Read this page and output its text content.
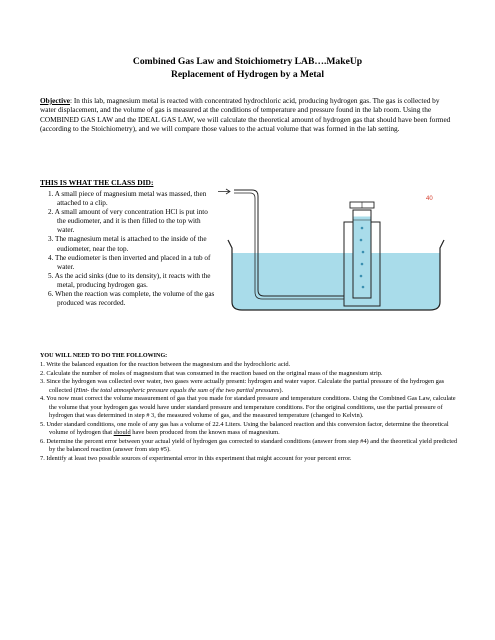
Combined Gas Law and Stoichiometry LAB….MakeUp
Replacement of Hydrogen by a Metal
Objective: In this lab, magnesium metal is reacted with concentrated hydrochloric acid, producing hydrogen gas. The gas is collected by water displacement, and the volume of gas is measured at the conditions of temperature and pressure found in the lab room. Using the COMBINED GAS LAW and the IDEAL GAS LAW, we will calculate the theoretical amount of hydrogen gas that should have been formed (according to the Stoichiometry), and we will compare those values to the actual volume that was formed in the lab setting.
THIS IS WHAT THE CLASS DID:
1. A small piece of magnesium metal was massed, then attached to a clip.
2. A small amount of very concentration HCl is put into the eudiometer, and it is then filled to the top with water.
3. The magnesium metal is attached to the inside of the eudiometer, near the top.
4. The eudiometer is then inverted and placed in a tub of water.
5. As the acid sinks (due to its density), it reacts with the metal, producing hydrogen gas.
6. When the reaction was complete, the volume of the gas produced was recorded.
40
YOU WILL NEED TO DO THE FOLLOWING:
1. Write the balanced equation for the reaction between the magnesium and the hydrochloric acid.
2. Calculate the number of moles of magnesium that was consumed in the reaction based on the original mass of the magnesium strip.
3. Since the hydrogen was collected over water, two gases were actually present: hydrogen and water vapor. Calculate the partial pressure of the hydrogen gas collected (Hint- the total atmospheric pressure equals the sum of the two partial pressures).
4. You now must correct the volume measurement of gas that you made for standard pressure and temperature conditions. Using the Combined Gas Law, calculate the volume that your hydrogen gas would have under standard pressure and temperature conditions. For the original conditions, use the partial pressure of hydrogen that was determined in step # 3, the measured volume of gas, and the measured temperature (changed to Kelvin).
5. Under standard conditions, one mole of any gas has a volume of 22.4 Liters. Using the balanced reaction and this conversion factor, determine the theoretical volume of hydrogen that should have been produced from the known mass of magnesium.
6. Determine the percent error between your actual yield of hydrogen gas corrected to standard conditions (answer from step #4) and the theoretical yield predicted by the balanced reaction (answer from step #5).
7. Identify at least two possible sources of experimental error in this experiment that might account for your percent error.
